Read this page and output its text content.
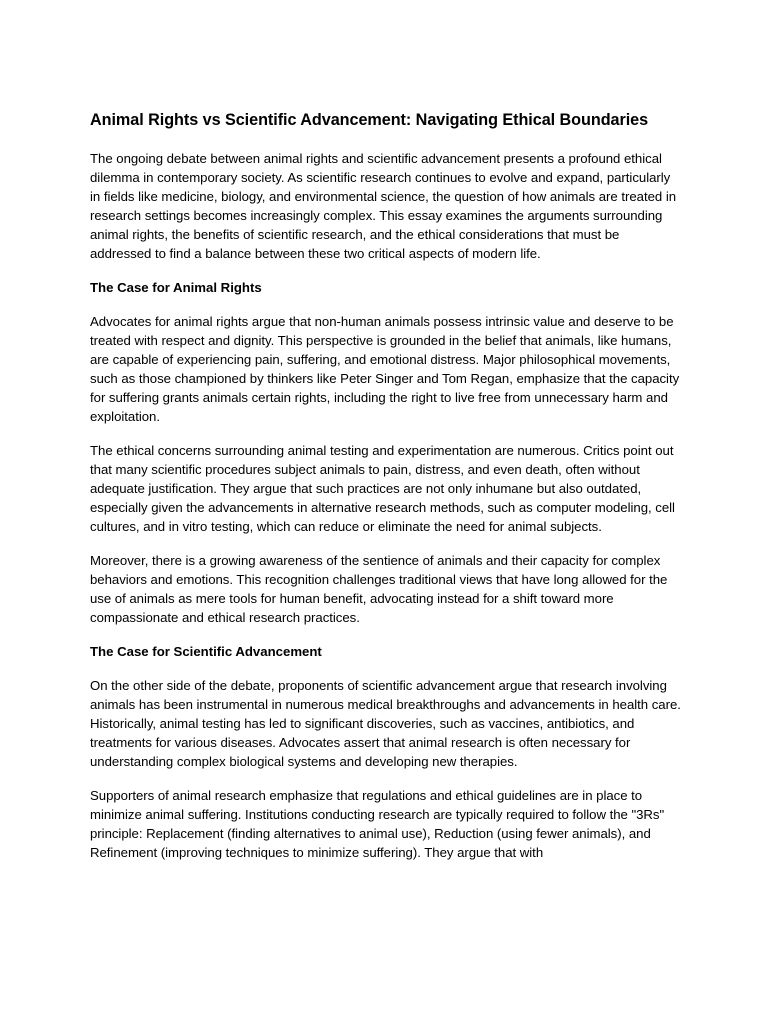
Animal Rights vs Scientific Advancement: Navigating Ethical Boundaries

The ongoing debate between animal rights and scientific advancement presents a profound ethical dilemma in contemporary society. As scientific research continues to evolve and expand, particularly in fields like medicine, biology, and environmental science, the question of how animals are treated in research settings becomes increasingly complex. This essay examines the arguments surrounding animal rights, the benefits of scientific research, and the ethical considerations that must be addressed to find a balance between these two critical aspects of modern life.

The Case for Animal Rights

Advocates for animal rights argue that non-human animals possess intrinsic value and deserve to be treated with respect and dignity. This perspective is grounded in the belief that animals, like humans, are capable of experiencing pain, suffering, and emotional distress. Major philosophical movements, such as those championed by thinkers like Peter Singer and Tom Regan, emphasize that the capacity for suffering grants animals certain rights, including the right to live free from unnecessary harm and exploitation.

The ethical concerns surrounding animal testing and experimentation are numerous. Critics point out that many scientific procedures subject animals to pain, distress, and even death, often without adequate justification. They argue that such practices are not only inhumane but also outdated, especially given the advancements in alternative research methods, such as computer modeling, cell cultures, and in vitro testing, which can reduce or eliminate the need for animal subjects.

Moreover, there is a growing awareness of the sentience of animals and their capacity for complex behaviors and emotions. This recognition challenges traditional views that have long allowed for the use of animals as mere tools for human benefit, advocating instead for a shift toward more compassionate and ethical research practices.

The Case for Scientific Advancement

On the other side of the debate, proponents of scientific advancement argue that research involving animals has been instrumental in numerous medical breakthroughs and advancements in health care. Historically, animal testing has led to significant discoveries, such as vaccines, antibiotics, and treatments for various diseases. Advocates assert that animal research is often necessary for understanding complex biological systems and developing new therapies.

Supporters of animal research emphasize that regulations and ethical guidelines are in place to minimize animal suffering. Institutions conducting research are typically required to follow the "3Rs" principle: Replacement (finding alternatives to animal use), Reduction (using fewer animals), and Refinement (improving techniques to minimize suffering). They argue that with
